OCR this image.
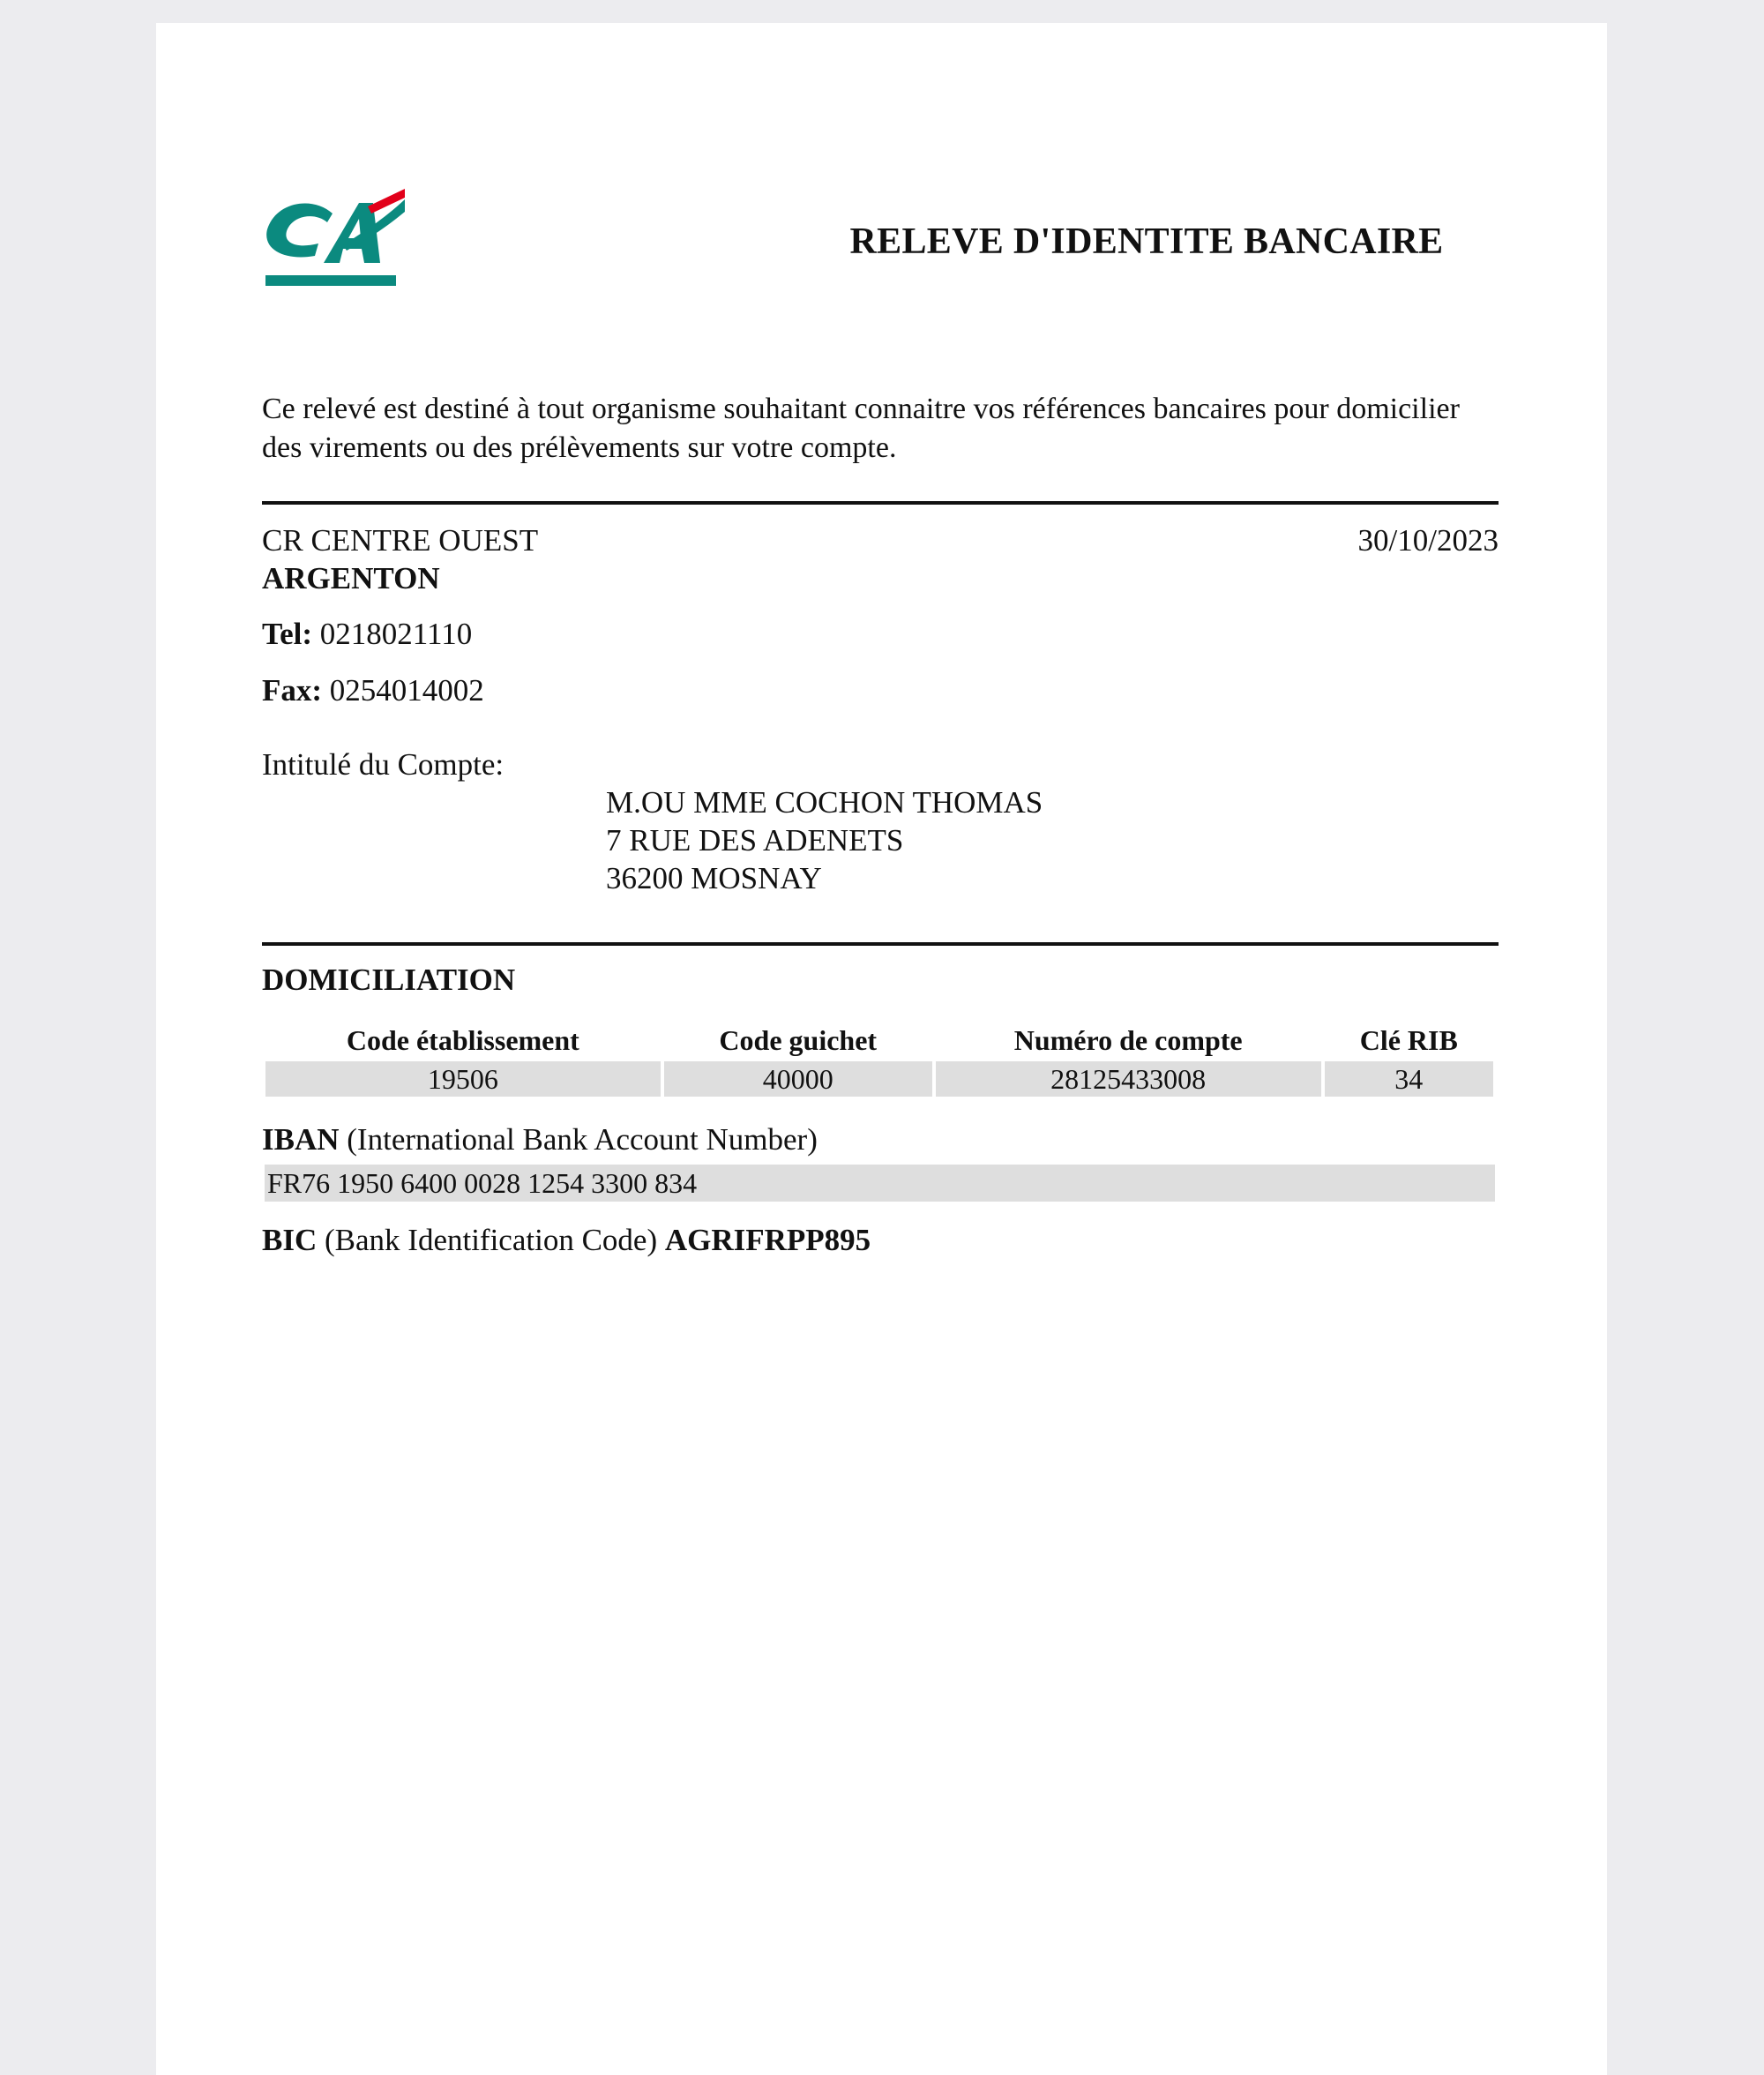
RELEVE D'IDENTITE BANCAIRE
Ce relevé est destiné à tout organisme souhaitant connaitre vos références bancaires pour domicilier des virements ou des prélèvements sur votre compte.
CR CENTRE OUEST	30/10/2023
ARGENTON
Tel: 0218021110
Fax: 0254014002
Intitulé du Compte:
M.OU MME COCHON THOMAS
7 RUE DES ADENETS
36200 MOSNAY
DOMICILIATION
Code établissement	Code guichet	Numéro de compte	Clé RIB
19506	40000	28125433008	34
IBAN (International Bank Account Number)
FR76 1950 6400 0028 1254 3300 834
BIC (Bank Identification Code) AGRIFRPP895
